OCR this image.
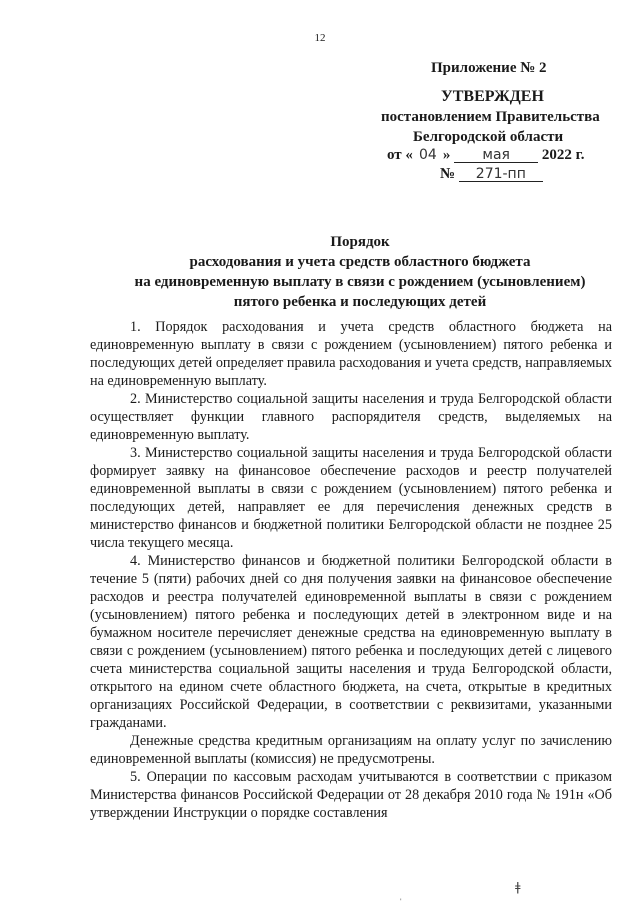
12
Приложение № 2
УТВЕРЖДЕН
постановлением Правительства
Белгородской области
от « 04 » мая 2022 г.
№ 271-пп
Порядок
расходования и учета средств областного бюджета
на единовременную выплату в связи с рождением (усыновлением)
пятого ребенка и последующих детей

1. Порядок расходования и учета средств областного бюджета на единовременную выплату в связи с рождением (усыновлением) пятого ребенка и последующих детей определяет правила расходования и учета средств, направляемых на единовременную выплату.

2. Министерство социальной защиты населения и труда Белгородской области осуществляет функции главного распорядителя средств, выделяемых на единовременную выплату.

3. Министерство социальной защиты населения и труда Белгородской области формирует заявку на финансовое обеспечение расходов и реестр получателей единовременной выплаты в связи с рождением (усыновлением) пятого ребенка и последующих детей, направляет ее для перечисления денежных средств в министерство финансов и бюджетной политики Белгородской области не позднее 25 числа текущего месяца.

4. Министерство финансов и бюджетной политики Белгородской области в течение 5 (пяти) рабочих дней со дня получения заявки на финансовое обеспечение расходов и реестра получателей единовременной выплаты в связи с рождением (усыновлением) пятого ребенка и последующих детей в электронном виде и на бумажном носителе перечисляет денежные средства на единовременную выплату в связи с рождением (усыновлением) пятого ребенка и последующих детей с лицевого счета министерства социальной защиты населения и труда Белгородской области, открытого на едином счете областного бюджета, на счета, открытые в кредитных организациях Российской Федерации, в соответствии с реквизитами, указанными гражданами.

Денежные средства кредитным организациям на оплату услуг по зачислению единовременной выплаты (комиссия) не предусмотрены.

5. Операции по кассовым расходам учитываются в соответствии с приказом Министерства финансов Российской Федерации от 28 декабря 2010 года № 191н «Об утверждении Инструкции о порядке составления

ǂ
'
